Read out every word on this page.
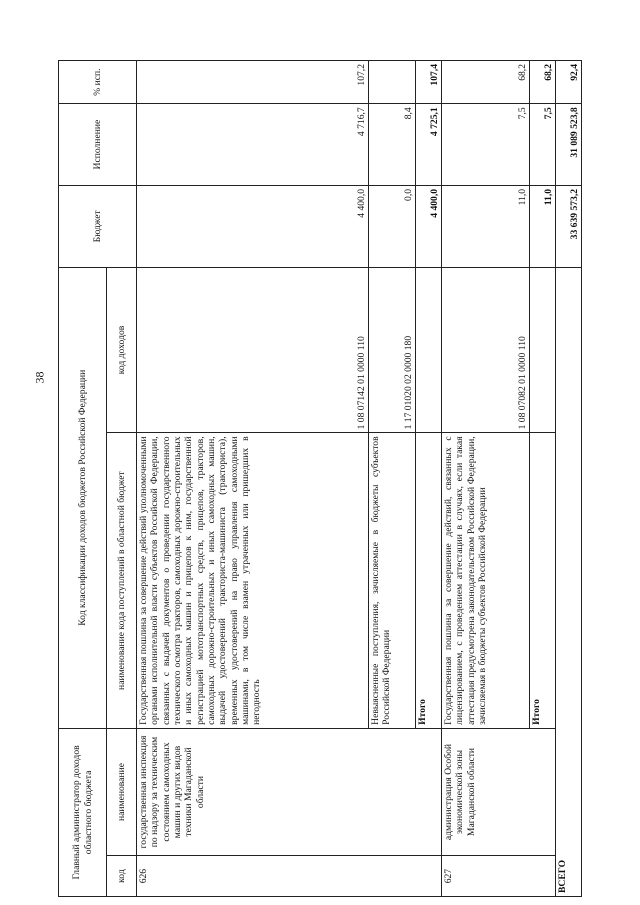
38
Главный администратор доходов областного бюджета		Код классификации доходов бюджетов Российской Федерации		Бюджет	Исполнение	% исп.
код	наименование	наименование кода поступлений в областной бюджет	код доходов			
626	государственная инспекция по надзору за техническим состоянием самоходных машин и других видов техники Магаданской области	Государственная пошлина за совершение действий уполномоченными органами исполнительной власти субъектов Российской Федерации, связанных с выдачей документов о проведении государственного технического осмотра тракторов, самоходных дорожно-строительных и иных самоходных машин и прицепов к ним, государственной регистрацией мототранспортных средств, прицепов, тракторов, самоходных дорожно-строительных и иных самоходных машин, выдачей удостоверений тракториста-машиниста (тракториста), временных удостоверений на право управления самоходными машинами, в том числе взамен утраченных или пришедших в негодность	1 08 07142 01 0000 110	4 400,0	4 716,7	107,2
		Невыясненные поступления, зачисляемые в бюджеты субъектов Российской Федерации	1 17 01020 02 0000 180	0,0	8,4	
		Итого		4 400,0	4 725,1	107,4
627	администрация Особой экономической зоны Магаданской области	Государственная пошлина за совершение действий, связанных с лицензированием, с проведением аттестации в случаях, если такая аттестация предусмотрена законодательством Российской Федерации, зачисляемая в бюджеты субъектов Российской Федерации	1 08 07082 01 0000 110	11,0	7,5	68,2
		Итого		11,0	7,5	68,2
ВСЕГО				33 639 573,2	31 089 523,8	92,4
